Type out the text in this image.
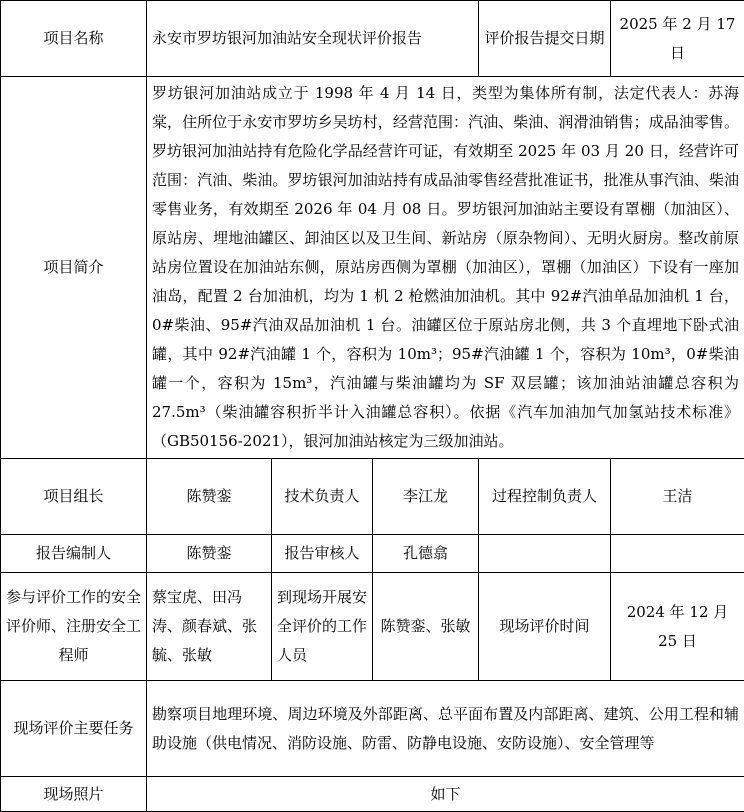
项目名称	永安市罗坊银河加油站安全现状评价报告			评价报告提交日期	2025 年 2 月 17 日
项目简介	罗坊银河加油站成立于 1998 年 4 月 14 日，类型为集体所有制，法定代表人：苏海棠，住所位于永安市罗坊乡吴坊村，经营范围：汽油、柴油、润滑油销售；成品油零售。罗坊银河加油站持有危险化学品经营许可证，有效期至 2025 年 03 月 20 日，经营许可范围：汽油、柴油。罗坊银河加油站持有成品油零售经营批准证书，批准从事汽油、柴油零售业务，有效期至 2026 年 04 月 08 日。罗坊银河加油站主要设有罩棚（加油区）、原站房、埋地油罐区、卸油区以及卫生间、新站房（原杂物间）、无明火厨房。整改前原站房位置设在加油站东侧，原站房西侧为罩棚（加油区），罩棚（加油区）下设有一座加油岛，配置 2 台加油机，均为 1 机 2 枪燃油加油机。其中 92#汽油单品加油机 1 台，0#柴油、95#汽油双品加油机 1 台。油罐区位于原站房北侧，共 3 个直埋地下卧式油罐，其中 92#汽油罐 1 个，容积为 10m³；95#汽油罐 1 个，容积为 10m³，0#柴油罐一个，容积为 15m³，汽油罐与柴油罐均为 SF 双层罐；该加油站油罐总容积为 27.5m³（柴油罐容积折半计入油罐总容积）。依据《汽车加油加气加氢站技术标准》（GB50156-2021），银河加油站核定为三级加油站。				
项目组长	陈赞銮	技术负责人	李江龙	过程控制负责人	王洁
报告编制人	陈赞銮	报告审核人	孔德翕		
参与评价工作的安全评价师、注册安全工程师	蔡宝虎、田冯涛、颜春斌、张毓、张敏	到现场开展安全评价的工作人员	陈赞銮、张敏	现场评价时间	2024 年 12 月 25 日
现场评价主要任务	勘察项目地理环境、周边环境及外部距离、总平面布置及内部距离、建筑、公用工程和辅助设施（供电情况、消防设施、防雷、防静电设施、安防设施）、安全管理等				
现场照片	如下				
